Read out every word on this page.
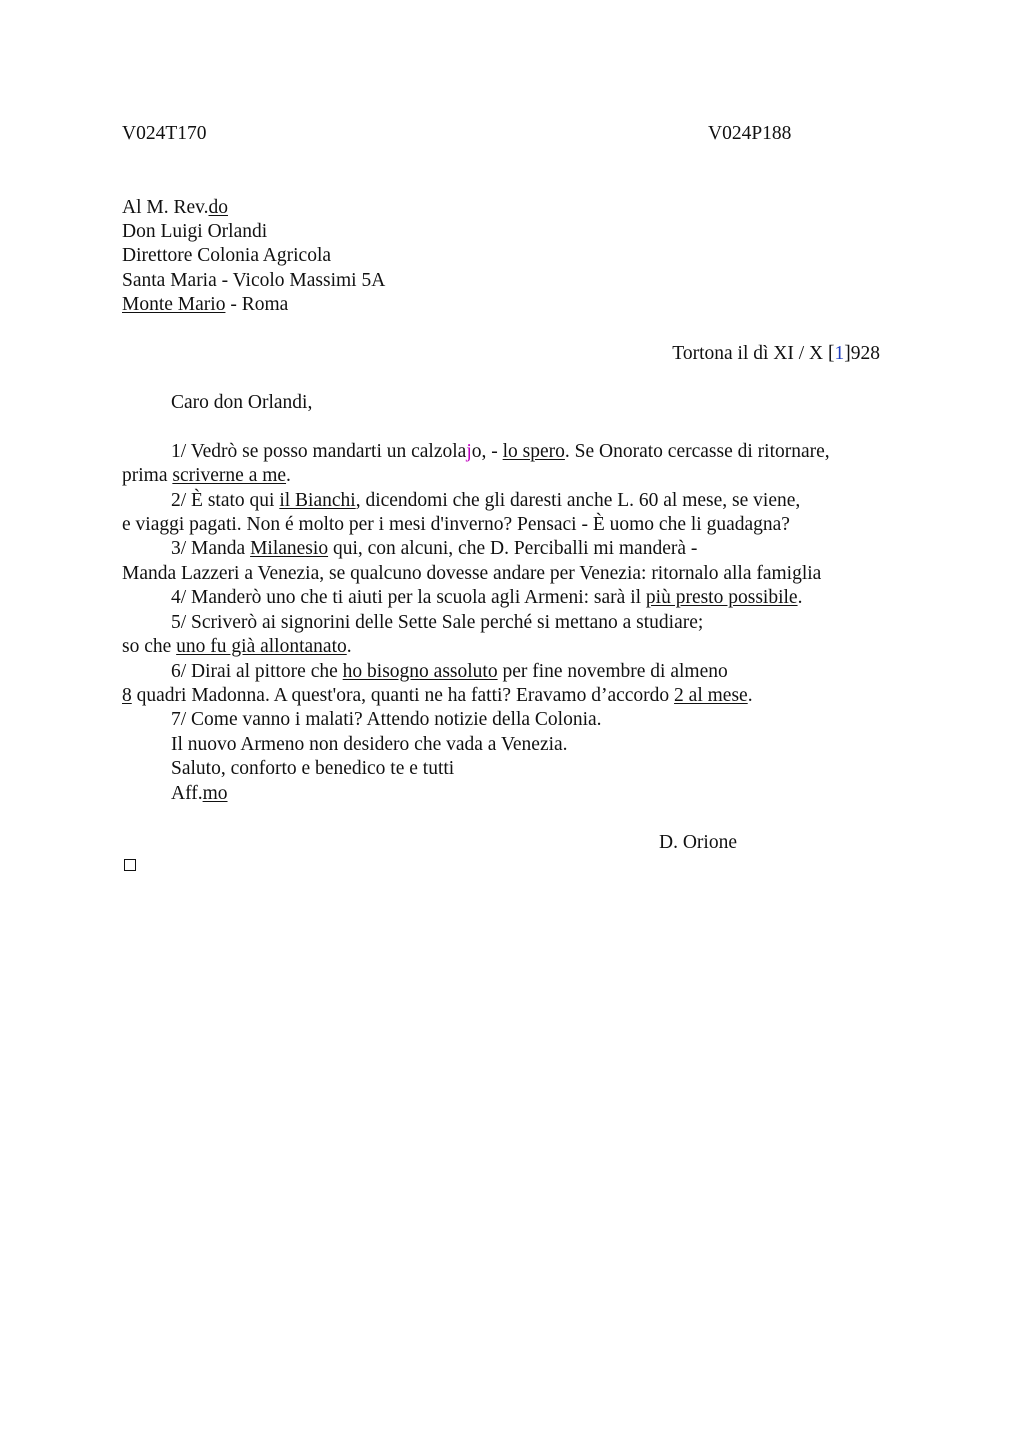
V024T170	V024P188
Al M. Rev.do
Don Luigi Orlandi
Direttore Colonia Agricola
Santa Maria - Vicolo Massimi 5A
Monte Mario - Roma
Tortona il dì XI / X [1]928
Caro don Orlandi,
1/ Vedrò se posso mandarti un calzolajo, - lo spero. Se Onorato cercasse di ritornare,
prima scriverne a me.
2/ È stato qui il Bianchi, dicendomi che gli daresti anche L. 60 al mese, se viene,
e viaggi pagati. Non é molto per i mesi d'inverno? Pensaci - È uomo che li guadagna?
3/ Manda Milanesio qui, con alcuni, che D. Perciballi mi manderà -
Manda Lazzeri a Venezia, se qualcuno dovesse andare per Venezia: ritornalo alla famiglia
4/ Manderò uno che ti aiuti per la scuola agli Armeni: sarà il più presto possibile.
5/ Scriverò ai signorini delle Sette Sale perché si mettano a studiare;
so che uno fu già allontanato.
6/ Dirai al pittore che ho bisogno assoluto per fine novembre di almeno
8 quadri Madonna. A quest'ora, quanti ne ha fatti? Eravamo d’accordo 2 al mese.
7/ Come vanno i malati? Attendo notizie della Colonia.
Il nuovo Armeno non desidero che vada a Venezia.
Saluto, conforto e benedico te e tutti
Aff.mo
D. Orione
